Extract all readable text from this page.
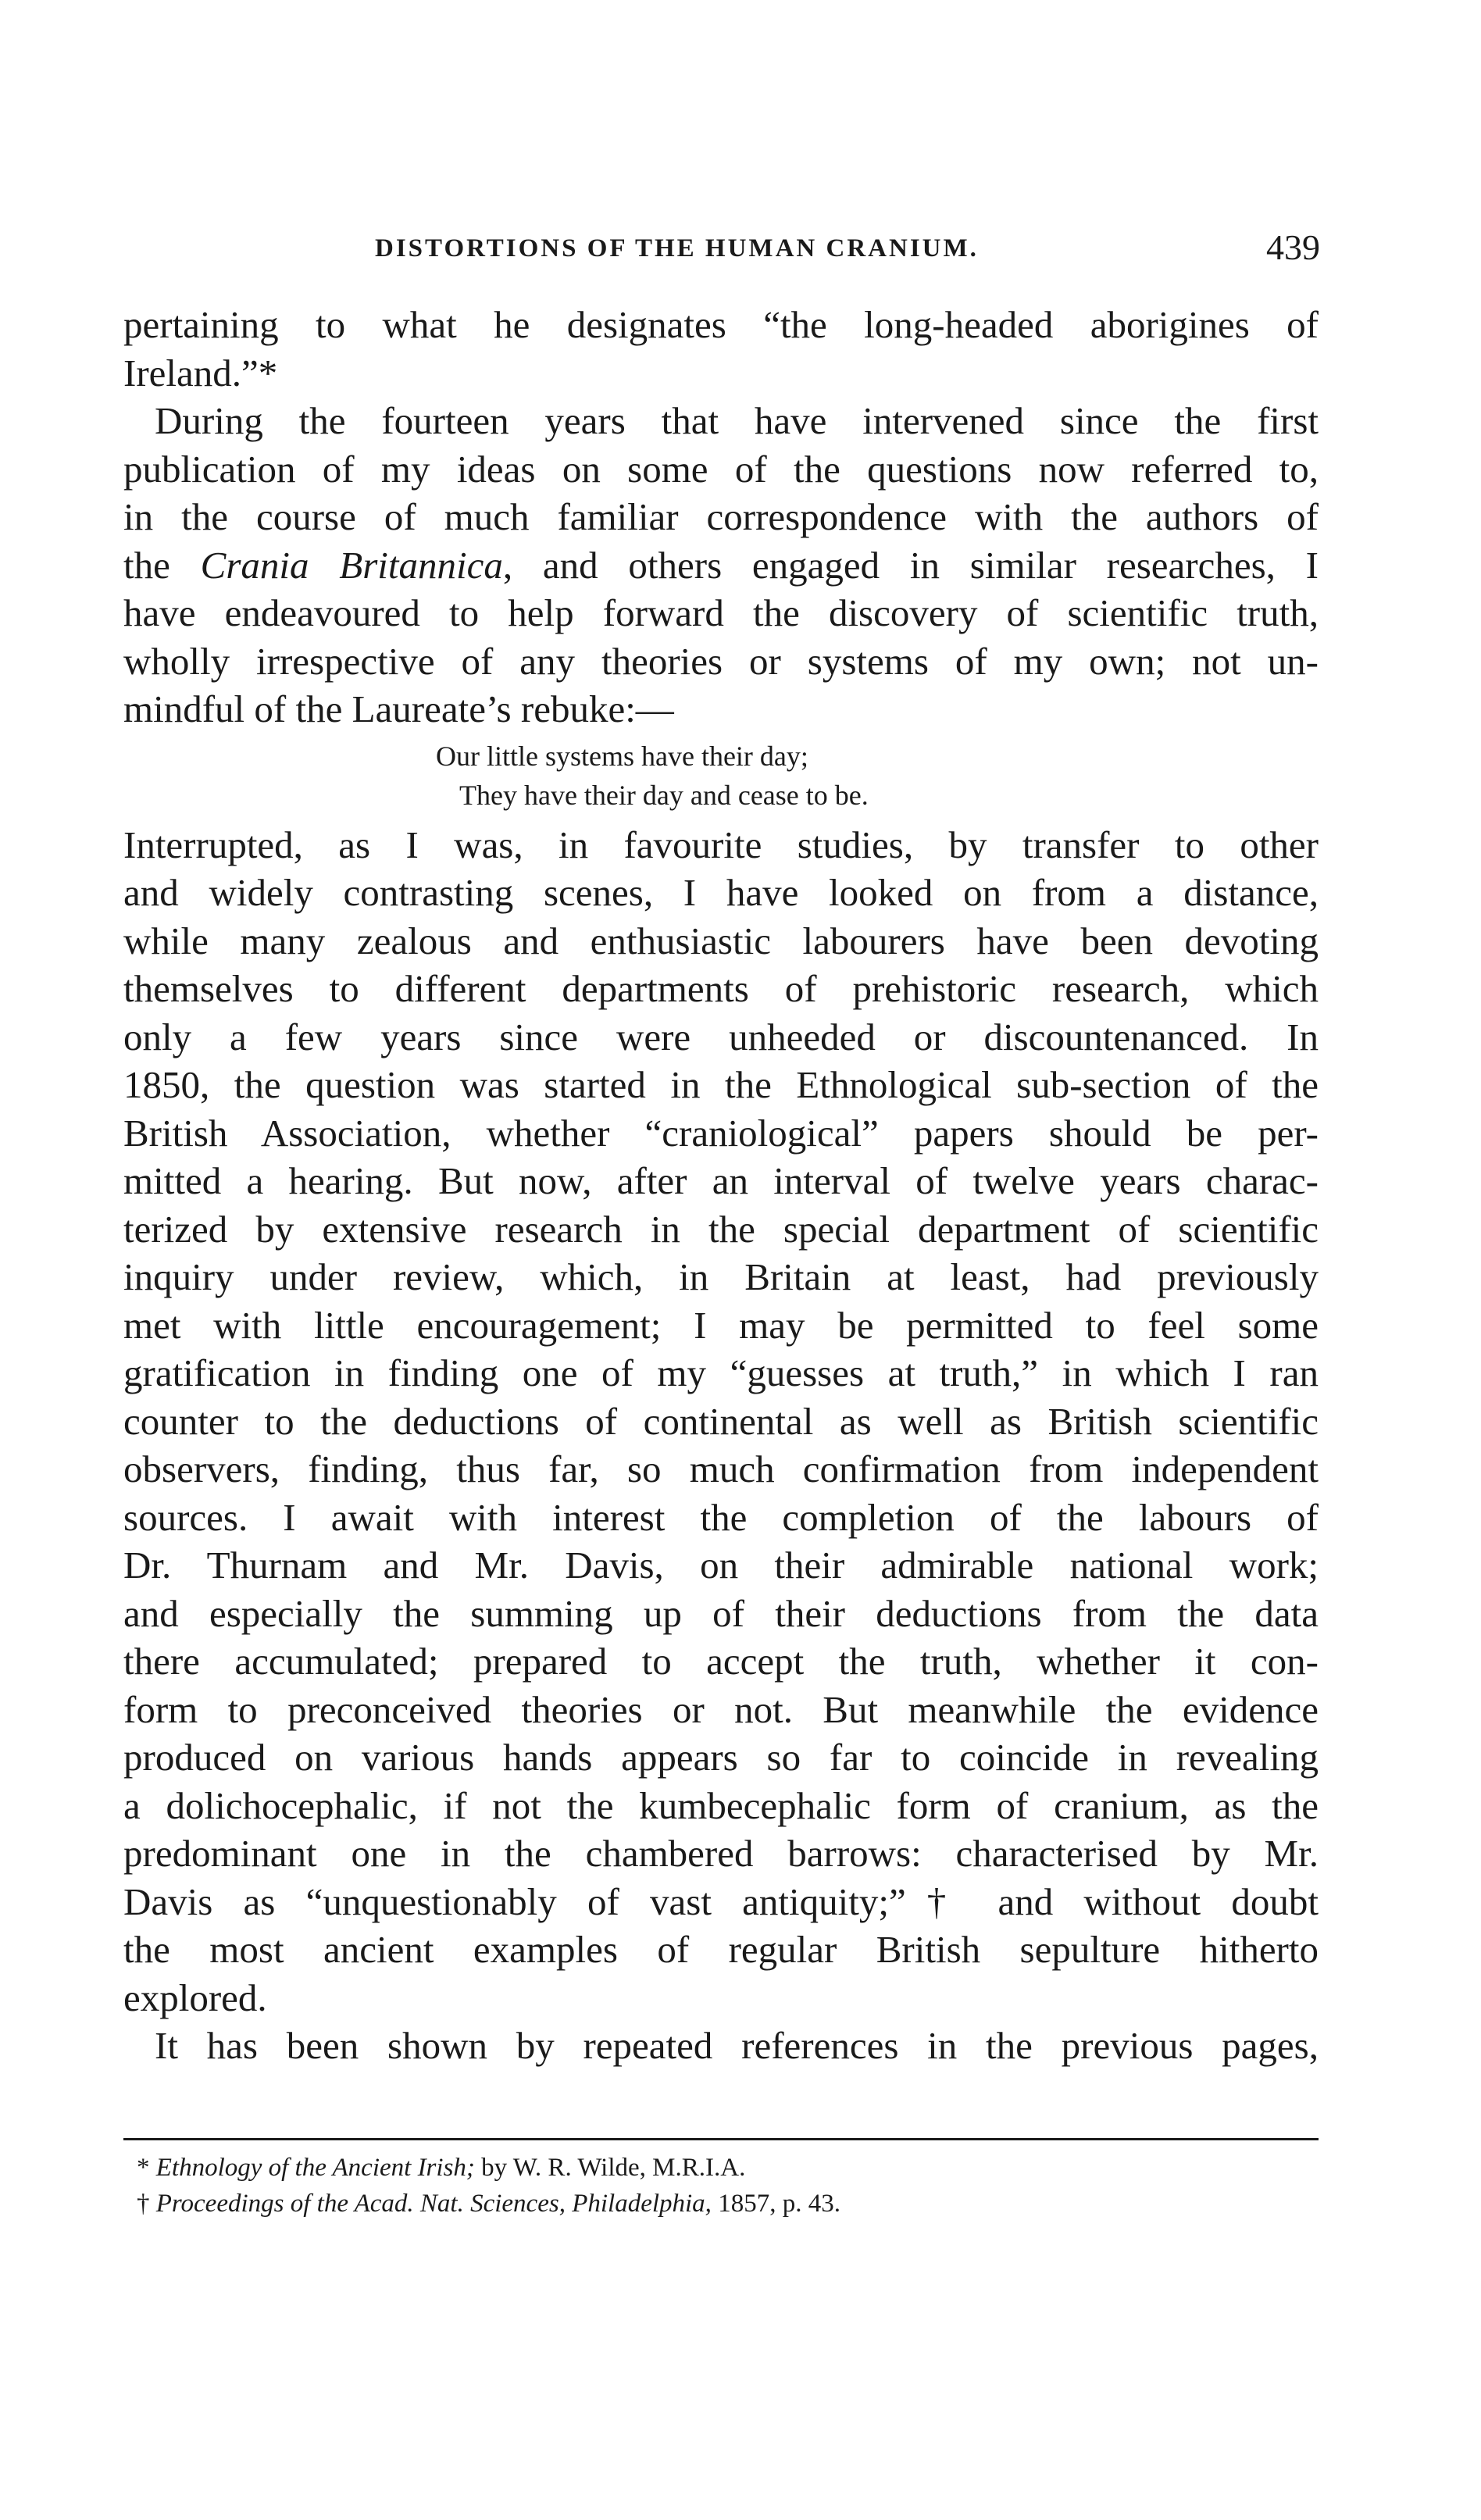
DISTORTIONS OF THE HUMAN CRANIUM.	439
pertaining to what he designates “the long-headed aborigines of
Ireland.”*
During the fourteen years that have intervened since the first
publication of my ideas on some of the questions now referred to,
in the course of much familiar correspondence with the authors of
the Crania Britannica, and others engaged in similar researches, I
have endeavoured to help forward the discovery of scientific truth,
wholly irrespective of any theories or systems of my own; not un-
mindful of the Laureate’s rebuke:—
Our little systems have their day;
They have their day and cease to be.
Interrupted, as I was, in favourite studies, by transfer to other
and widely contrasting scenes, I have looked on from a distance,
while many zealous and enthusiastic labourers have been devoting
themselves to different departments of prehistoric research, which
only a few years since were unheeded or discountenanced. In
1850, the question was started in the Ethnological sub-section of the
British Association, whether “craniological” papers should be per-
mitted a hearing. But now, after an interval of twelve years charac-
terized by extensive research in the special department of scientific
inquiry under review, which, in Britain at least, had previously
met with little encouragement; I may be permitted to feel some
gratification in finding one of my “guesses at truth,” in which I ran
counter to the deductions of continental as well as British scientific
observers, finding, thus far, so much confirmation from independent
sources. I await with interest the completion of the labours of
Dr. Thurnam and Mr. Davis, on their admirable national work;
and especially the summing up of their deductions from the data
there accumulated; prepared to accept the truth, whether it con-
form to preconceived theories or not. But meanwhile the evidence
produced on various hands appears so far to coincide in revealing
a dolichocephalic, if not the kumbecephalic form of cranium, as the
predominant one in the chambered barrows: characterised by Mr.
Davis as “unquestionably of vast antiquity;”† and without doubt
the most ancient examples of regular British sepulture hitherto
explored.
It has been shown by repeated references in the previous pages,
* Ethnology of the Ancient Irish; by W. R. Wilde, M.R.I.A.
† Proceedings of the Acad. Nat. Sciences, Philadelphia, 1857, p. 43.
